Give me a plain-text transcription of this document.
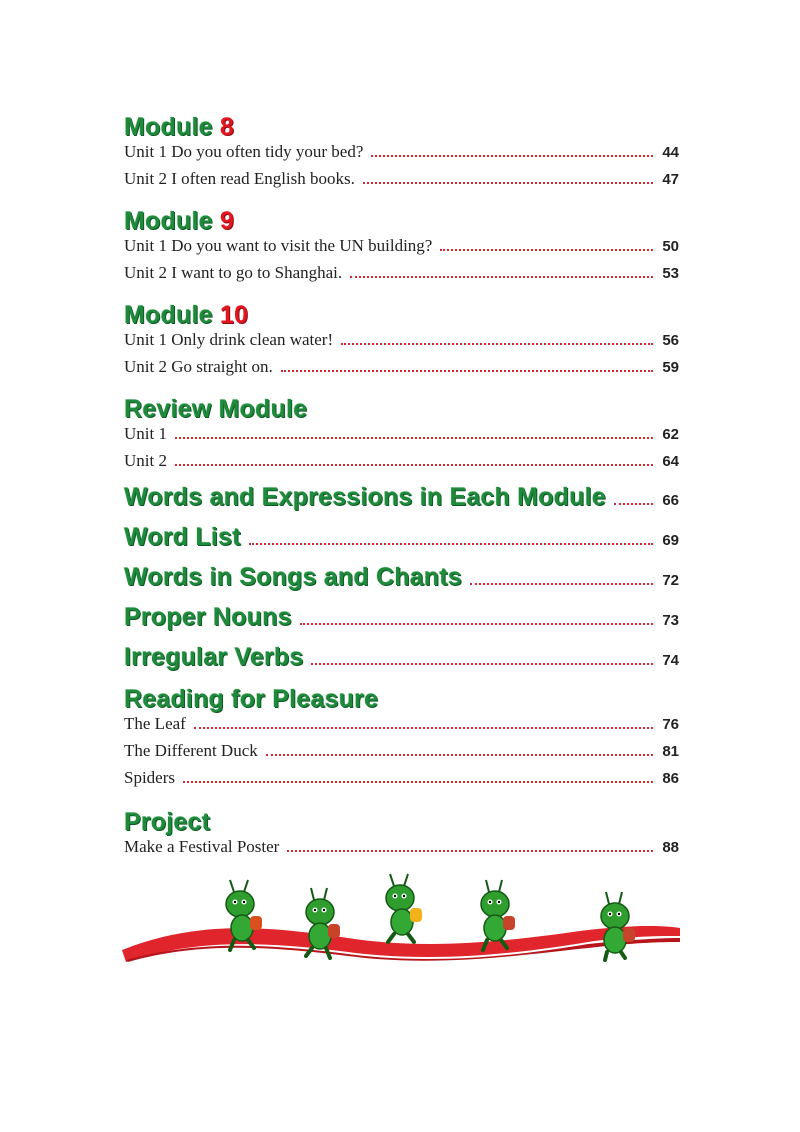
Module 8
Unit 1 Do you often tidy your bed?	44
Unit 2 I often read English books.	47
Module 9
Unit 1 Do you want to visit the UN building?	50
Unit 2 I want to go to Shanghai.	53
Module 10
Unit 1 Only drink clean water!	56
Unit 2 Go straight on.	59
Review Module
Unit 1	62
Unit 2	64
Words and Expressions in Each Module	66
Word List	69
Words in Songs and Chants	72
Proper Nouns	73
Irregular Verbs	74
Reading for Pleasure
The Leaf	76
The Different Duck	81
Spiders	86
Project
Make a Festival Poster	88
